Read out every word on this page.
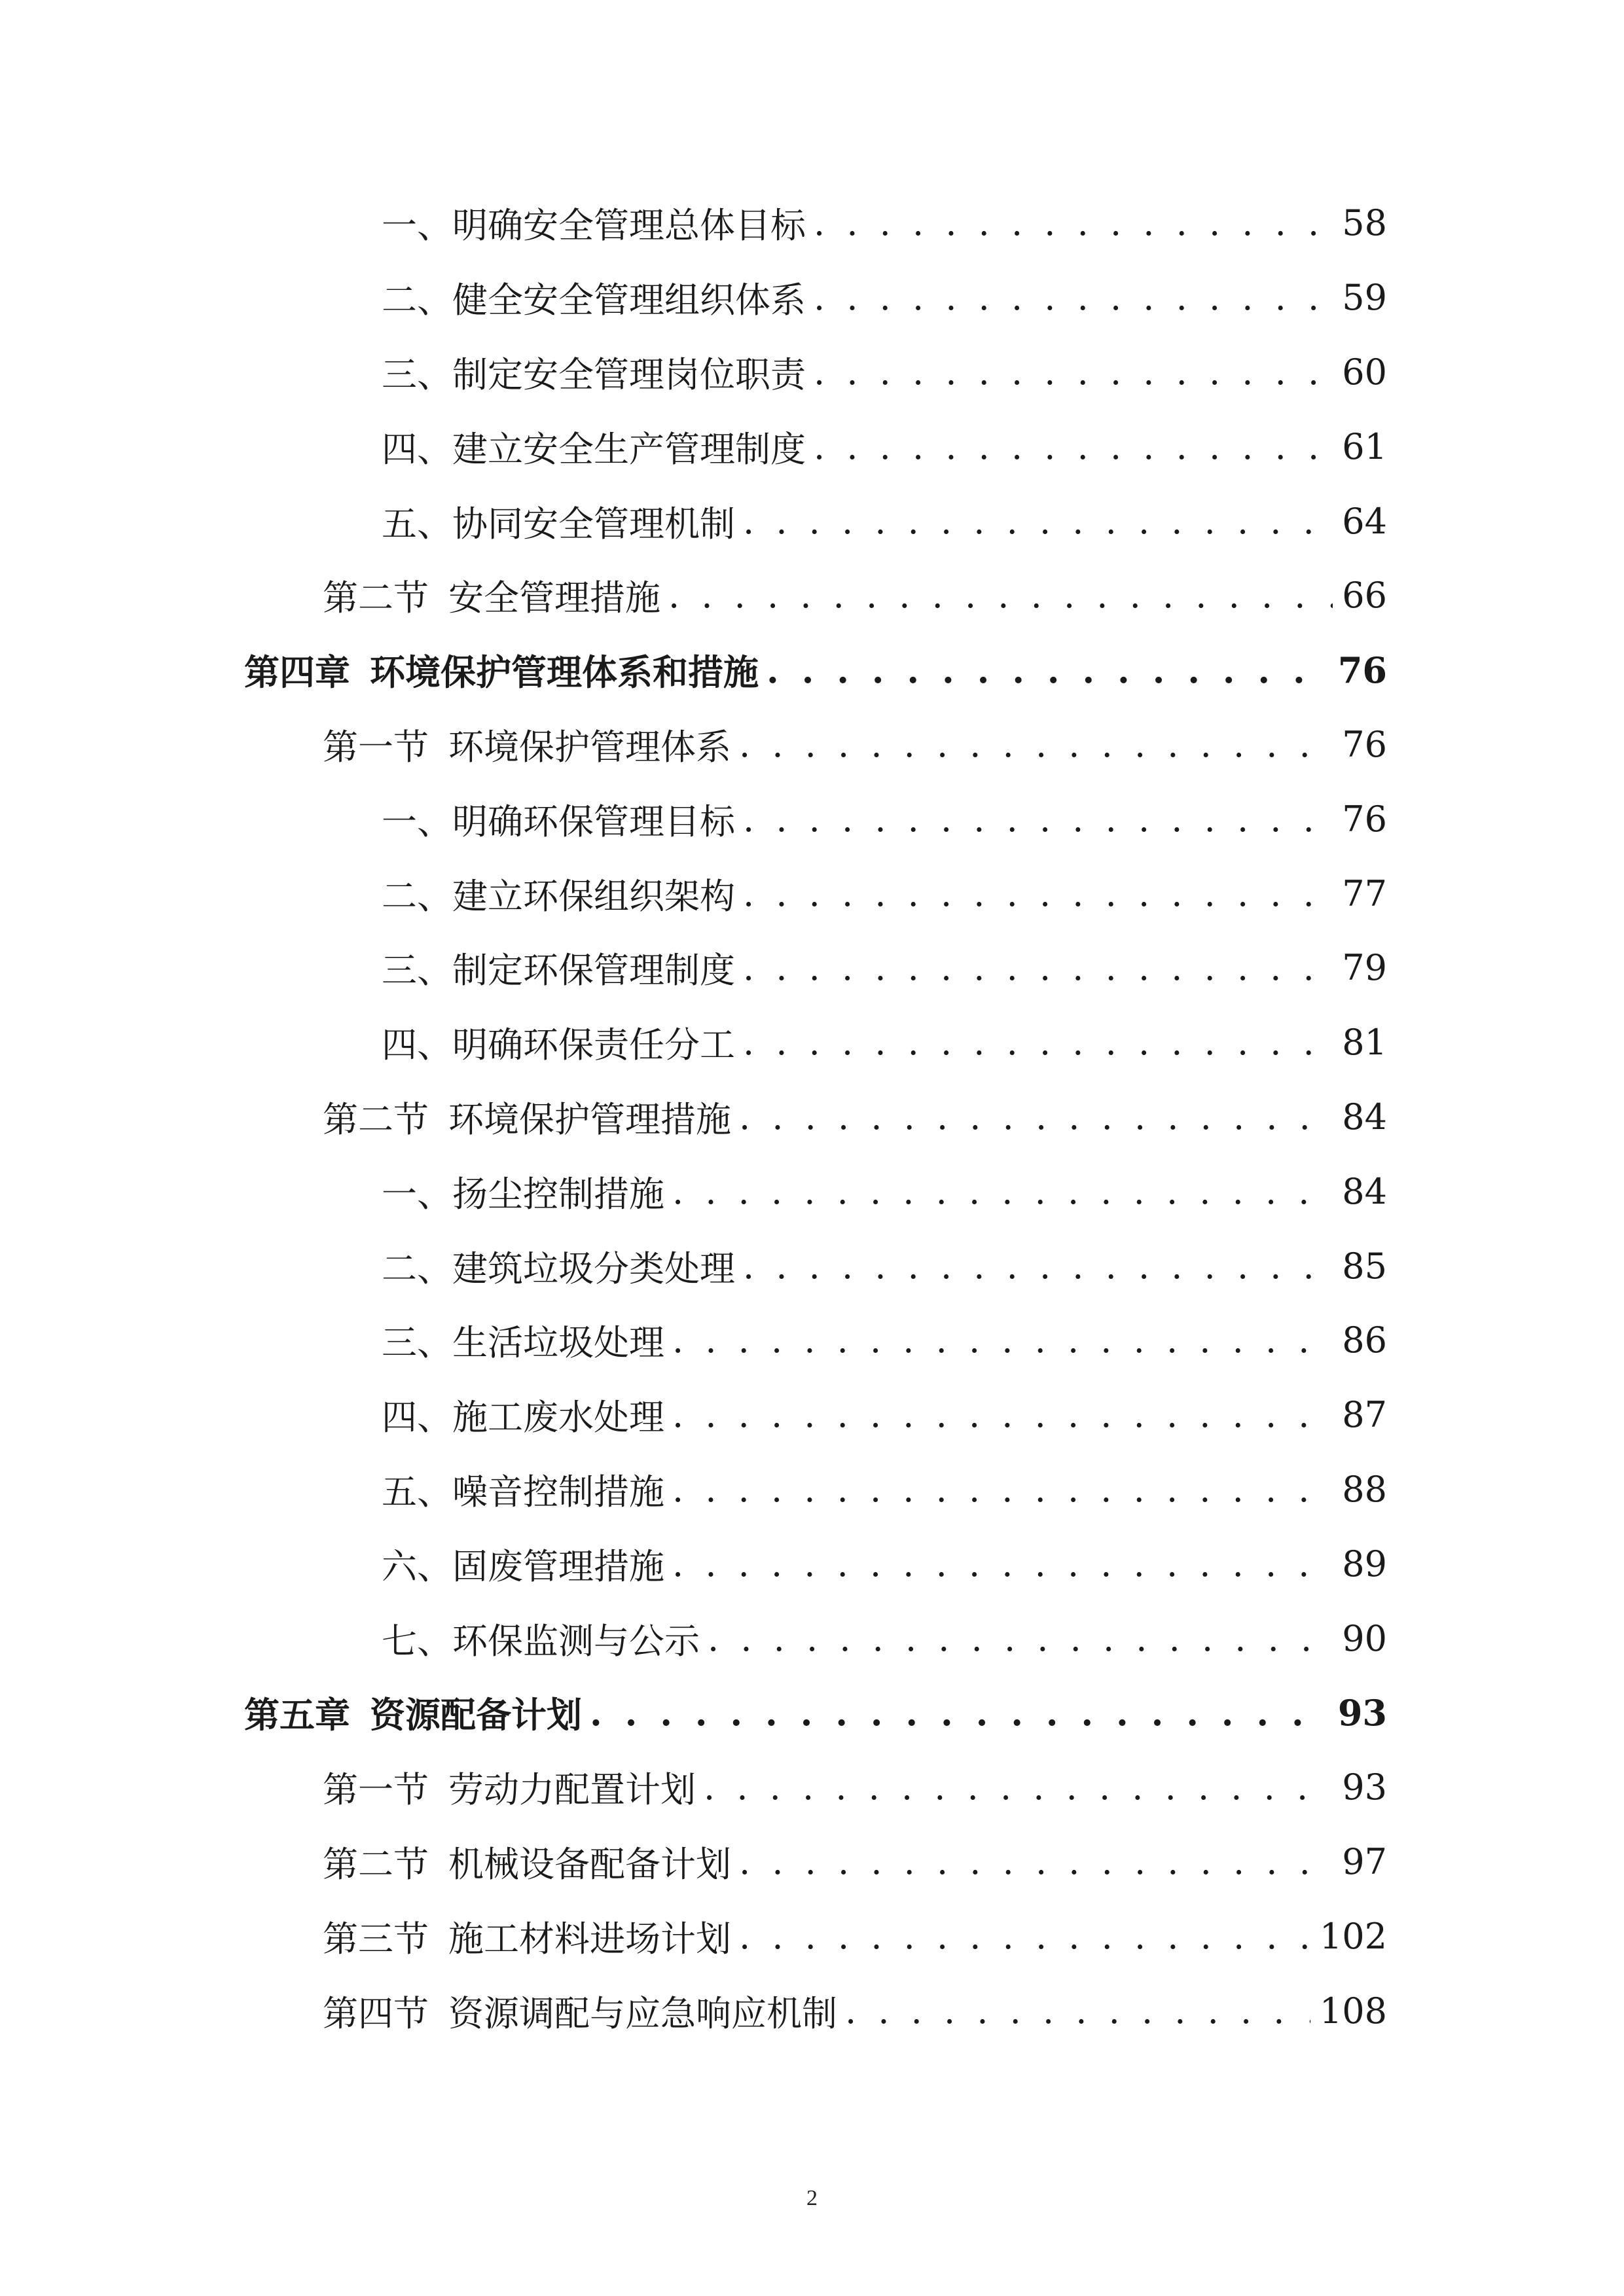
一、 明确安全管理总体目标 . . .	58
二、 健全安全管理组织体系 . . .	59
三、 制定安全管理岗位职责 . . .	60
四、 建立安全生产管理制度 . . .	61
五、 协同安全管理机制 . . .	64
第二节 安全管理措施 . . .	66
第四章 环境保护管理体系和措施 . . .	76
第一节 环境保护管理体系 . . .	76
一、 明确环保管理目标 . . .	76
二、 建立环保组织架构 . . .	77
三、 制定环保管理制度 . . .	79
四、 明确环保责任分工 . . .	81
第二节 环境保护管理措施 . . .	84
一、 扬尘控制措施 . . .	84
二、 建筑垃圾分类处理 . . .	85
三、 生活垃圾处理 . . .	86
四、 施工废水处理 . . .	87
五、 噪音控制措施 . . .	88
六、 固废管理措施 . . .	89
七、 环保监测与公示 . . .	90
第五章 资源配备计划 . . .	93
第一节 劳动力配置计划 . . .	93
第二节 机械设备配备计划 . . .	97
第三节 施工材料进场计划 . . .	102
第四节 资源调配与应急响应机制 . . .	108
2
